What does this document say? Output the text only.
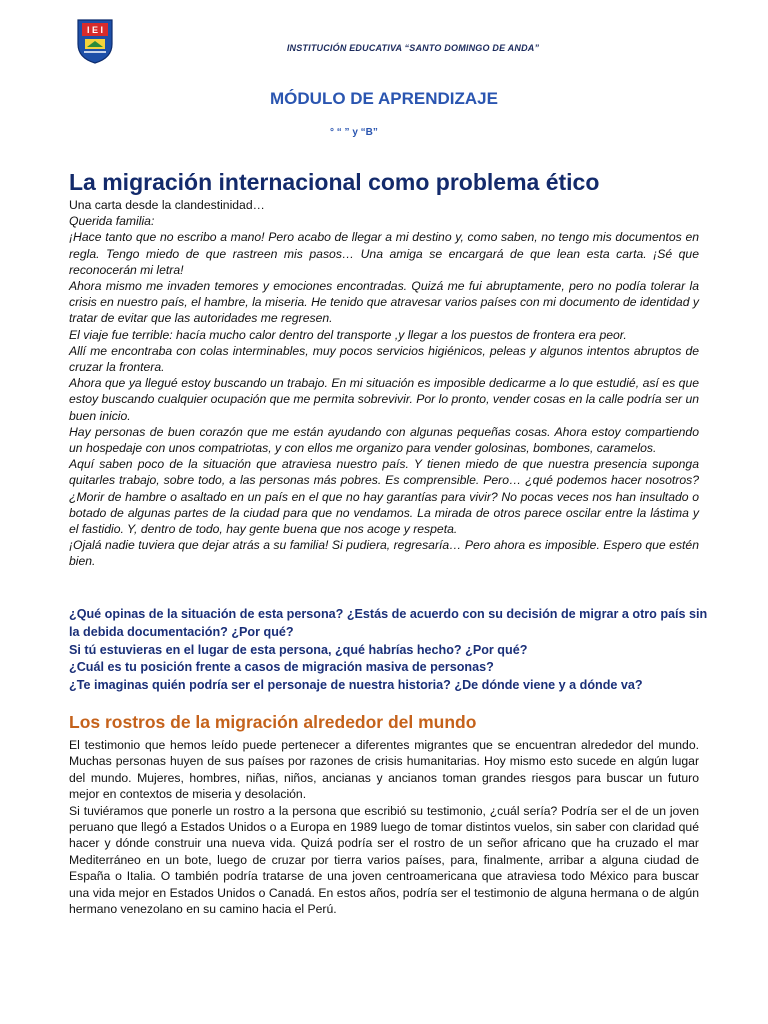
I E I
INSTITUCIÓN EDUCATIVA “SANTO DOMINGO DE ANDA”
MÓDULO DE APRENDIZAJE
° “ ” y “B”
La migración internacional como problema ético

Una carta desde la clandestinidad…

Querida familia:

¡Hace tanto que no escribo a mano! Pero acabo de llegar a mi destino y, como saben, no tengo mis documentos en regla. Tengo miedo de que rastreen mis pasos… Una amiga se encargará de que lean esta carta. ¡Sé que reconocerán mi letra!

Ahora mismo me invaden temores y emociones encontradas. Quizá me fui abruptamente, pero no podía tolerar la crisis en nuestro país, el hambre, la miseria. He tenido que atravesar varios países con mi documento de identidad y tratar de evitar que las autoridades me regresen.

El viaje fue terrible: hacía mucho calor dentro del transporte ,y llegar a los puestos de frontera era peor.

Allí me encontraba con colas interminables, muy pocos servicios higiénicos, peleas y algunos intentos abruptos de cruzar la frontera.

Ahora que ya llegué estoy buscando un trabajo. En mi situación es imposible dedicarme a lo que estudié, así es que estoy buscando cualquier ocupación que me permita sobrevivir. Por lo pronto, vender cosas en la calle podría ser un buen inicio.

Hay personas de buen corazón que me están ayudando con algunas pequeñas cosas. Ahora estoy compartiendo un hospedaje con unos compatriotas, y con ellos me organizo para vender golosinas, bombones, caramelos.

Aquí saben poco de la situación que atraviesa nuestro país. Y tienen miedo de que nuestra presencia suponga quitarles trabajo, sobre todo, a las personas más pobres. Es comprensible. Pero… ¿qué podemos hacer nosotros? ¿Morir de hambre o asaltado en un país en el que no hay garantías para vivir? No pocas veces nos han insultado o botado de algunas partes de la ciudad para que no vendamos. La mirada de otros parece oscilar entre la lástima y el fastidio. Y, dentro de todo, hay gente buena que nos acoge y respeta.

¡Ojalá nadie tuviera que dejar atrás a su familia! Si pudiera, regresaría… Pero ahora es imposible. Espero que estén bien.

¿Qué opinas de la situación de esta persona? ¿Estás de acuerdo con su decisión de migrar a otro país sin la debida documentación? ¿Por qué?

Si tú estuvieras en el lugar de esta persona, ¿qué habrías hecho? ¿Por qué?

¿Cuál es tu posición frente a casos de migración masiva de personas?

¿Te imaginas quién podría ser el personaje de nuestra historia? ¿De dónde viene y a dónde va?

Los rostros de la migración alrededor del mundo

El testimonio que hemos leído puede pertenecer a diferentes migrantes que se encuentran alrededor del mundo. Muchas personas huyen de sus países por razones de crisis humanitarias. Hoy mismo esto sucede en algún lugar del mundo. Mujeres, hombres, niñas, niños, ancianas y ancianos toman grandes riesgos para buscar un futuro mejor en contextos de miseria y desolación.

Si tuviéramos que ponerle un rostro a la persona que escribió su testimonio, ¿cuál sería? Podría ser el de un joven peruano que llegó a Estados Unidos o a Europa en 1989 luego de tomar distintos vuelos, sin saber con claridad qué hacer y dónde construir una nueva vida. Quizá podría ser el rostro de un señor africano que ha cruzado el mar Mediterráneo en un bote, luego de cruzar por tierra varios países, para, finalmente, arribar a alguna ciudad de España o Italia. O también podría tratarse de una joven centroamericana que atraviesa todo México para buscar una vida mejor en Estados Unidos o Canadá. En estos años, podría ser el testimonio de alguna hermana o de algún hermano venezolano en su camino hacia el Perú.
